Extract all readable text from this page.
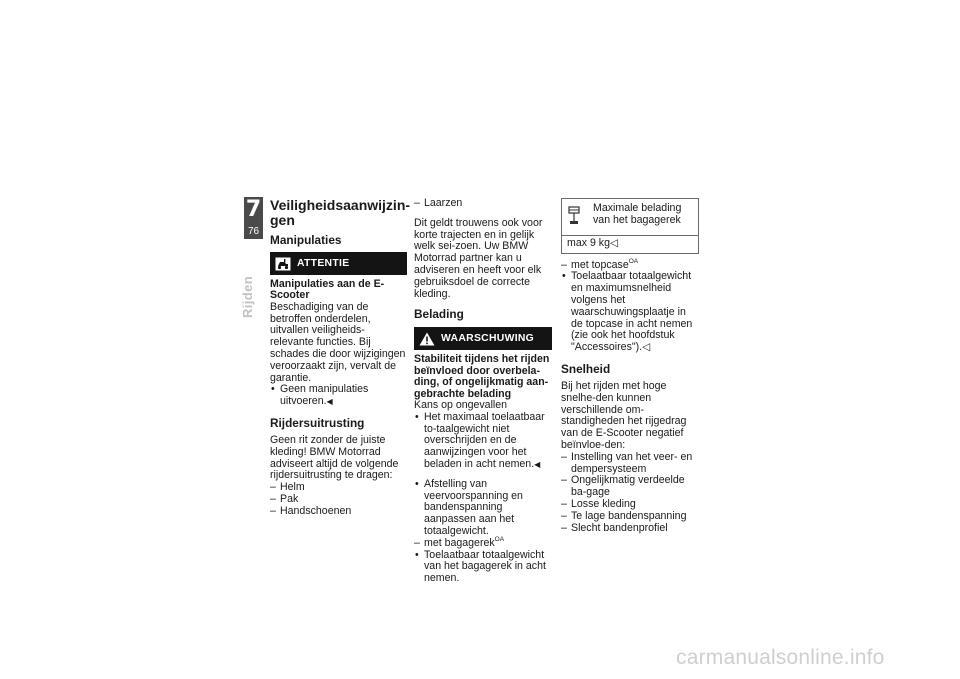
7
76
Rijden
Veiligheidsaanwijzin-gen
Manipulaties
ATTENTIE
Manipulaties aan de E-Scooter

Beschadiging van de betroffen onderdelen, uitvallen veiligheids-relevante functies. Bij schades die door wijzigingen veroorzaakt zijn, vervalt de garantie.

• Geen manipulaties uitvoeren.◀
Rijdersuitrusting

Geen rit zonder de juiste kleding! BMW Motorrad adviseert altijd de volgende rijdersuitrusting te dragen:

– Helm
– Pak
– Handschoenen
– Laarzen

Dit geldt trouwens ook voor korte trajecten en in gelijk welk sei-zoen. Uw BMW Motorrad partner kan u adviseren en heeft voor elk gebruiksdoel de correcte kleding.

Belading
WAARSCHUWING
Stabiliteit tijdens het rijden beïnvloed door overbela-ding, of ongelijkmatig aan-gebrachte belading

Kans op ongevallen

• Het maximaal toelaatbaar to-taalgewicht niet overschrijden en de aanwijzingen voor het beladen in acht nemen.◀
• Afstelling van veervoorspanning en bandenspanning aanpassen aan het totaalgewicht.
– met bagagerek$^{OA}$
• Toelaatbaar totaalgewicht van het bagagerek in acht nemen.
Maximale belading van het bagagerek
max 9 kg◁
– met topcase$^{OA}$
• Toelaatbaar totaalgewicht en maximumsnelheid volgens het waarschuwingsplaatje in de topcase in acht nemen (zie ook het hoofdstuk "Accessoires").◁
Snelheid

Bij het rijden met hoge snelhe-den kunnen verschillende om-standigheden het rijgedrag van de E-Scooter negatief beïnvloe-den:

– Instelling van het veer- en dempersysteem
– Ongelijkmatig verdeelde ba-gage
– Losse kleding
– Te lage bandenspanning
– Slecht bandenprofiel
carmanualsonline.info
